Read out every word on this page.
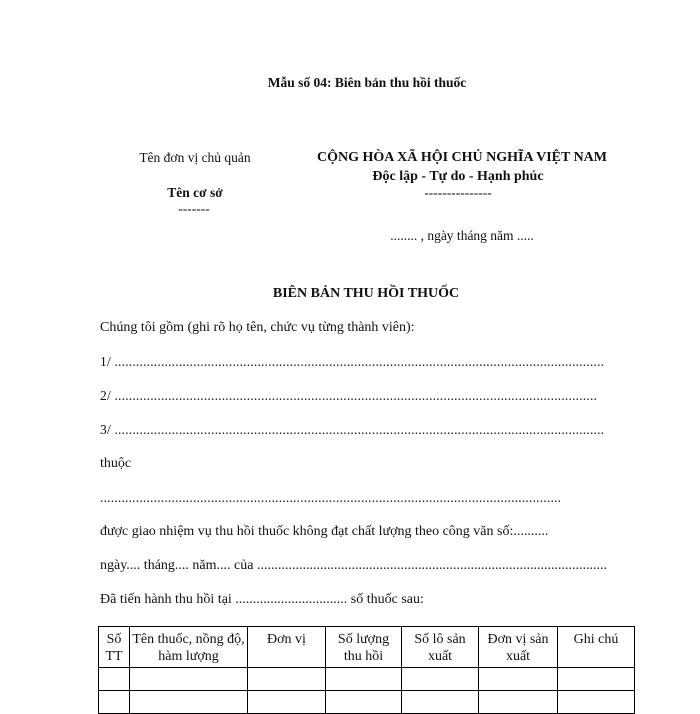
Mẫu số 04: Biên bản thu hồi thuốc
Tên đơn vị chủ quản
Tên cơ sở
-------
CỘNG HÒA XÃ HỘI CHỦ NGHĨA VIỆT NAM
Độc lập - Tự do - Hạnh phúc
---------------
........ , ngày tháng năm .....
BIÊN BẢN THU HỒI THUỐC
Chúng tôi gồm (ghi rõ họ tên, chức vụ từng thành viên):
1/ .........................................................................................................................................
2/ .......................................................................................................................................
3/ .........................................................................................................................................
thuộc
.................................................................................................................................
được giao nhiệm vụ thu hồi thuốc không đạt chất lượng theo công văn số:..........
ngày.... tháng.... năm.... của ....................................................................................................
Đã tiến hành thu hồi tại ................................ số thuốc sau:
Số TT	Tên thuốc, nồng độ, hàm lượng	Đơn vị	Số lượng thu hồi	Số lô sản xuất	Đơn vị sản xuất	Ghi chú
